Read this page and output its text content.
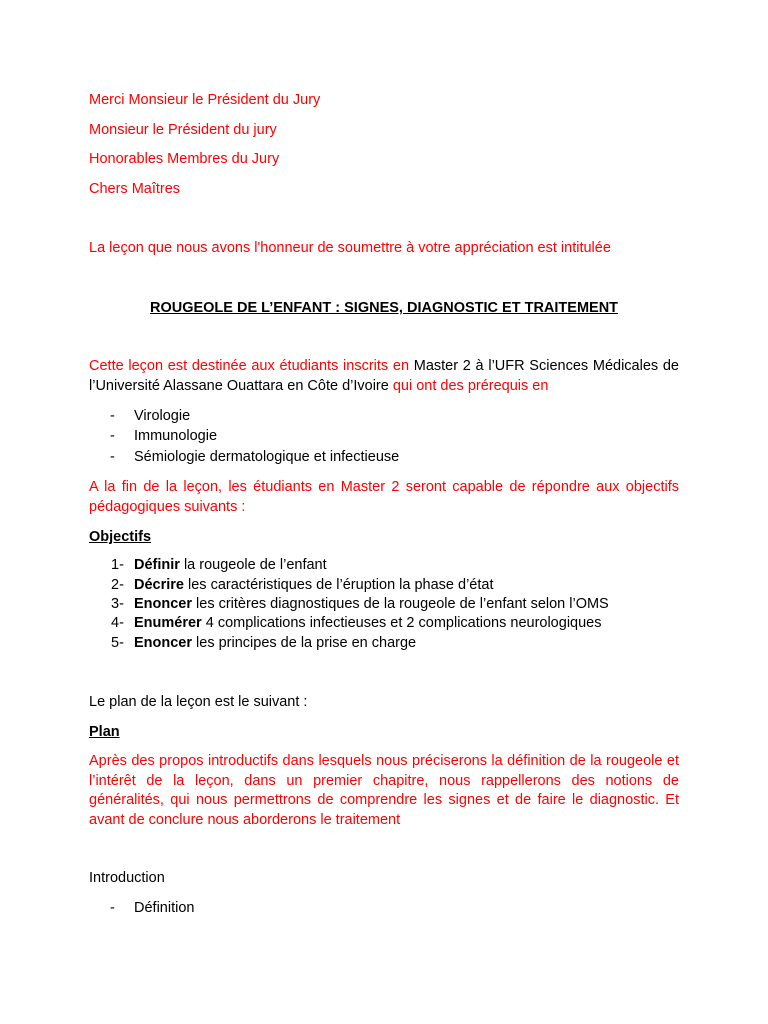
Merci Monsieur le Président du Jury
Monsieur le Président du jury
Honorables Membres du Jury
Chers Maîtres
La leçon que nous avons l'honneur de soumettre à votre appréciation est intitulée
ROUGEOLE DE L’ENFANT : SIGNES, DIAGNOSTIC ET TRAITEMENT
Cette leçon est destinée aux étudiants inscrits en Master 2 à l’UFR Sciences Médicales de l’Université Alassane Ouattara en Côte d’Ivoire qui ont des prérequis en
- Virologie
- Immunologie
- Sémiologie dermatologique et infectieuse
A la fin de la leçon, les étudiants en Master 2 seront capable de répondre aux objectifs pédagogiques suivants :
Objectifs
1- Définir la rougeole de l’enfant
2- Décrire les caractéristiques de l’éruption la phase d’état
3- Enoncer les critères diagnostiques de la rougeole de l’enfant selon l’OMS
4- Enumérer 4 complications infectieuses et 2 complications neurologiques
5- Enoncer les principes de la prise en charge
Le plan de la leçon est le suivant :
Plan
Après des propos introductifs dans lesquels nous préciserons la définition de la rougeole et l’intérêt de la leçon, dans un premier chapitre, nous rappellerons des notions de généralités, qui nous permettrons de comprendre les signes et de faire le diagnostic. Et avant de conclure nous aborderons le traitement
Introduction
- Définition
